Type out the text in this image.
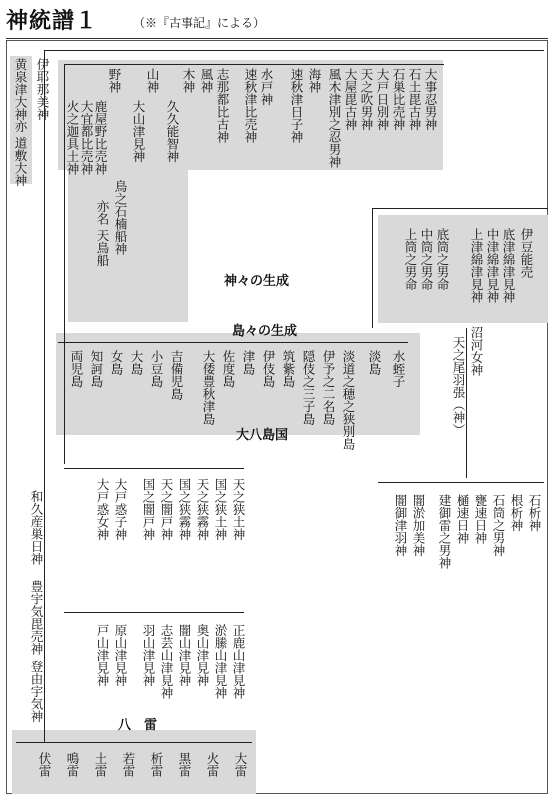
神統譜１	（※『古事記』による）
黄泉津大神
亦 道敷大神
伊耶那美神	大事忍男神
石土毘古神
石巣比売神
大戸日別神
天之吹男神
大屋毘古神
風木津別之忍男神
海神
速秋津日子神
水戸神
速秋津比売神
風神 志那都比古神
木神
久久能智神
山神
大山津見神
野神
鹿屋野比売神
鳥之石楠船神
亦名 天鳥船
大宜都比売神
火之迦具土神
神々の生成
伊豆能売
底津綿津見神
中津綿津見神
上津綿津見神
底筒之男命
中筒之男命
上筒之男命
島々の生成
淡道之穂之狭別島
伊予之二名島
隠伎之三子島
筑紫島
伊伎島
津島
佐度島
大倭豊秋津島
吉備児島
小豆島
大島
女島
知訶島
両児島
大八島国
淡島 水蛭子	沼河女神
天之尾羽張（神）
石析神
根析神
石筒之男神
甕速日神
樋速日神
建御雷之男神
闇淤加美神
闇御津羽神
天之狭土神
国之狭土神
天之狭霧神
国之狭霧神
天之闇戸神
国之闇戸神
大戸惑子神
大戸惑女神
正鹿山津見神
淤縢山津見神
奥山津見神
闇山津見神
志芸山津見神
羽山津見神
原山津見神
戸山津見神
和久産巣日神
豊宇気毘売神
登由宇気神
八　雷
大雷
火雷
黒雷
析雷
若雷
土雷
鳴雷
伏雷
